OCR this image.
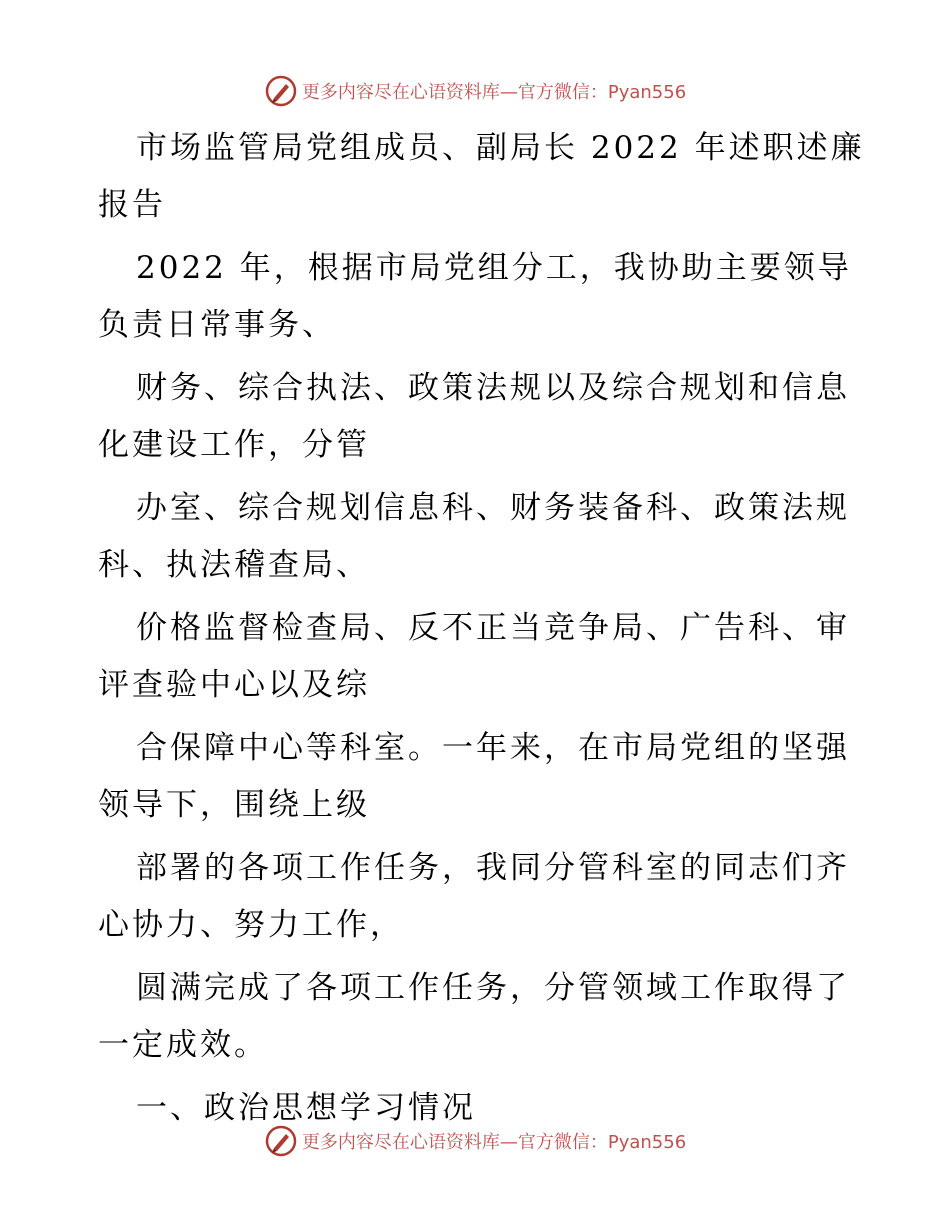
更多内容尽在心语资料库—官方微信：Pyan556
市场监管局党组成员、副局长 2022 年述职述廉
报告
2022 年，根据市局党组分工，我协助主要领导
负责日常事务、
财务、综合执法、政策法规以及综合规划和信息
化建设工作，分管
办室、综合规划信息科、财务装备科、政策法规
科、执法稽查局、
价格监督检查局、反不正当竞争局、广告科、审
评查验中心以及综
合保障中心等科室。一年来，在市局党组的坚强
领导下，围绕上级
部署的各项工作任务，我同分管科室的同志们齐
心协力、努力工作，
圆满完成了各项工作任务，分管领域工作取得了
一定成效。
一、政治思想学习情况
更多内容尽在心语资料库—官方微信：Pyan556
